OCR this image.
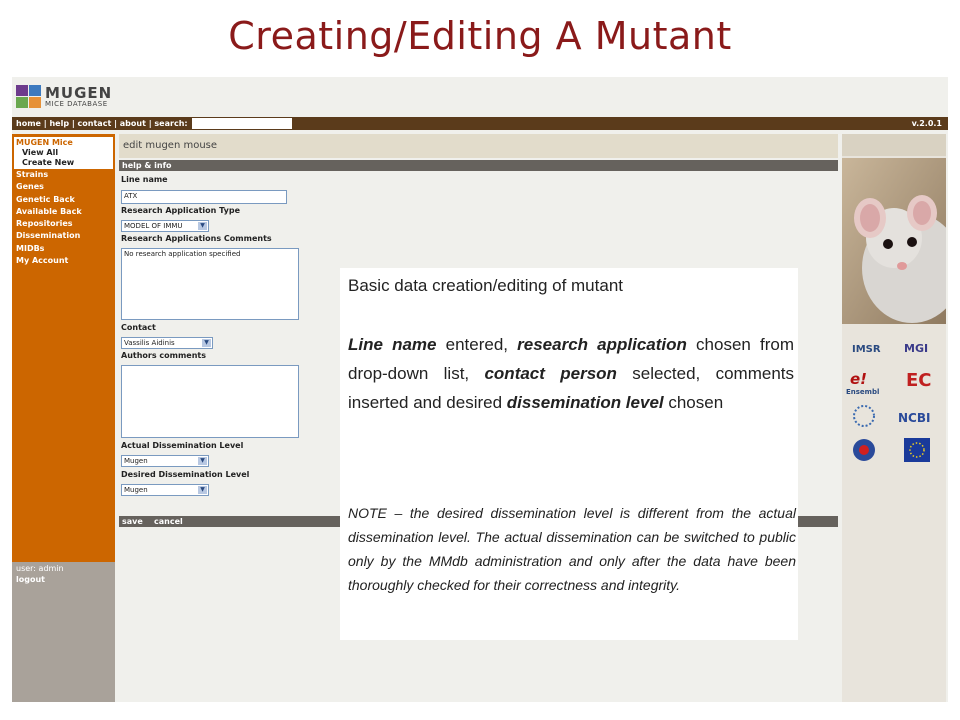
Creating/Editing A Mutant
MUGEN
MICE DATABASE
home | help | contact | about | search:	v.2.0.1
MUGEN Mice
View All
Create New
Strains
Genes
Genetic Back
Available Back
Repositories
Dissemination
MIDBs
My Account
user: admin
logout
edit mugen mouse
help & info
Line name
ATX
Research Application Type
MODEL OF IMMU	▼
Research Applications Comments
No research application specified
Contact
Vassilis Aidinis	▼
Authors comments
Actual Dissemination Level
Mugen	▼
Desired Dissemination Level
Mugen	▼
save cancel
IMSR MGI
e!
Ensembl
EC
NCBI
Basic data creation/editing of mutant
Line name entered, research application chosen from drop-down list, contact person selected, comments inserted and desired dissemination level chosen
NOTE – the desired dissemination level is different from the actual dissemination level. The actual dissemination can be switched to public only by the MMdb administration and only after the data have been thoroughly checked for their correctness and integrity.
